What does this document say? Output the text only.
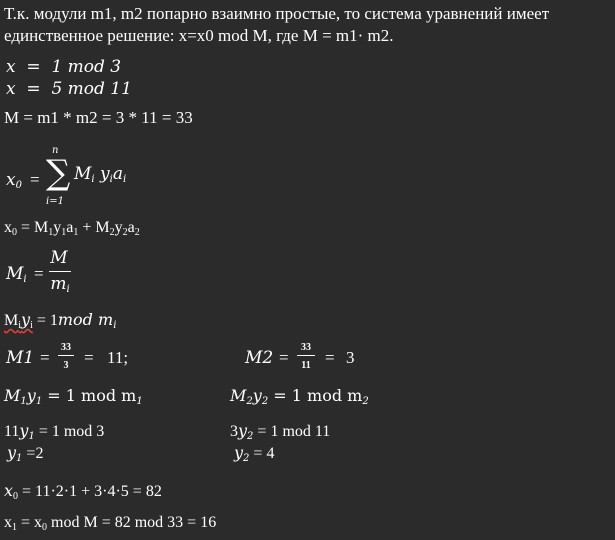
Т.к. модули m1, m2 попарно взаимно простые, то система уравнений имеет
единственное решение: x=x0 mod M, где M = m1· m2.
x  =  1 mod 3
x  =  5 mod 11
M = m1 * m2 = 3 * 11 = 33
$x_0$ =
n
∑
i=1
$M_i$ $y_ia_i$
$x_0 = M_1y_1a_1 + M_2y_2a_2$
$M_i$ =
M
$m_i$
$M_iy_i = 1mod$ $m_i$
M1 =
33
3 = 11;	M2 =
33
11 = 3
$M_1y_1 = 1$ mod $m_1$
$11y_1 = 1$ mod 3
$y_1 =2$
$M_2y_2 = 1$ mod $m_2$
$3y_2 = 1$ mod 11
$y_2 = 4$
$x_0 = 11\cdot 2\cdot 1 + 3\cdot 4\cdot 5 = 82$
$x_1 = x_0$ mod M = 82 mod 33 = 16
